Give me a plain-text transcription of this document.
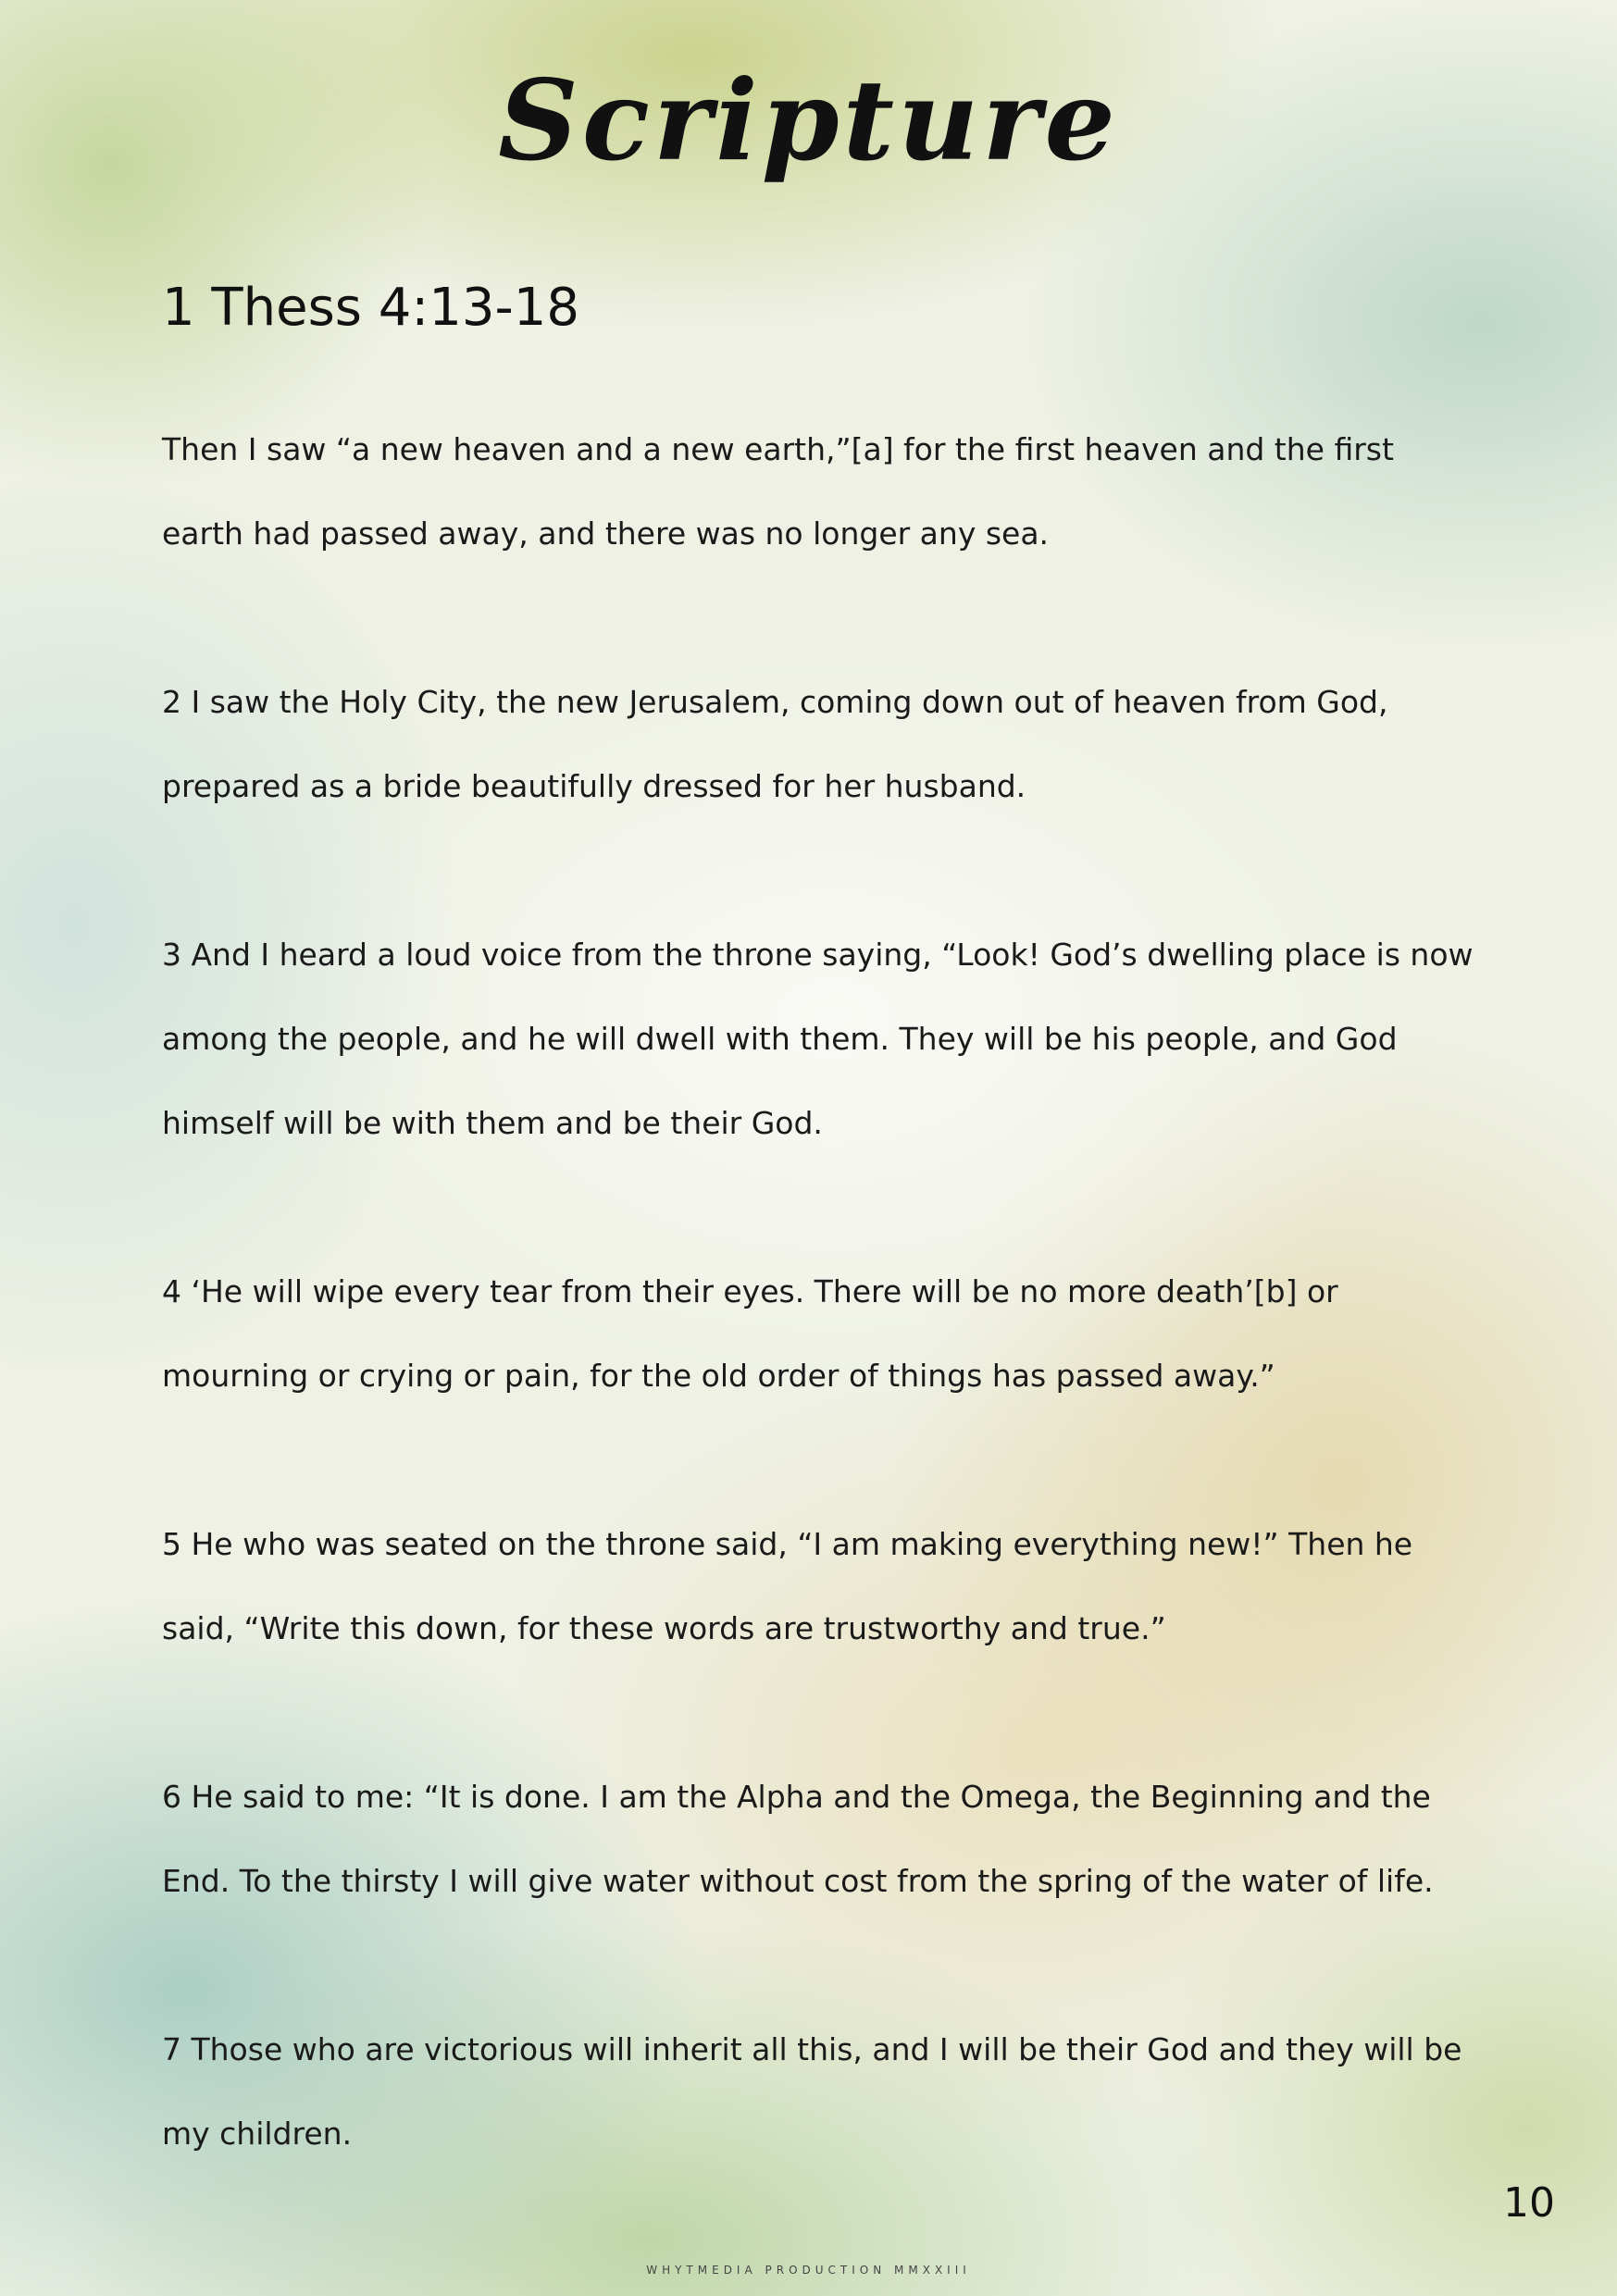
Scripture
1 Thess 4:13-18

Then I saw “a new heaven and a new earth,”[a] for the first heaven and the first earth had passed away, and there was no longer any sea.

2 I saw the Holy City, the new Jerusalem, coming down out of heaven from God, prepared as a bride beautifully dressed for her husband.

3 And I heard a loud voice from the throne saying, “Look! God’s dwelling place is now among the people, and he will dwell with them. They will be his people, and God himself will be with them and be their God.

4 ‘He will wipe every tear from their eyes. There will be no more death’[b] or mourning or crying or pain, for the old order of things has passed away.”

5 He who was seated on the throne said, “I am making everything new!” Then he said, “Write this down, for these words are trustworthy and true.”

6 He said to me: “It is done. I am the Alpha and the Omega, the Beginning and the End. To the thirsty I will give water without cost from the spring of the water of life.

7 Those who are victorious will inherit all this, and I will be their God and they will be my children.

10
WHYTMEDIA PRODUCTION MMXXIII
